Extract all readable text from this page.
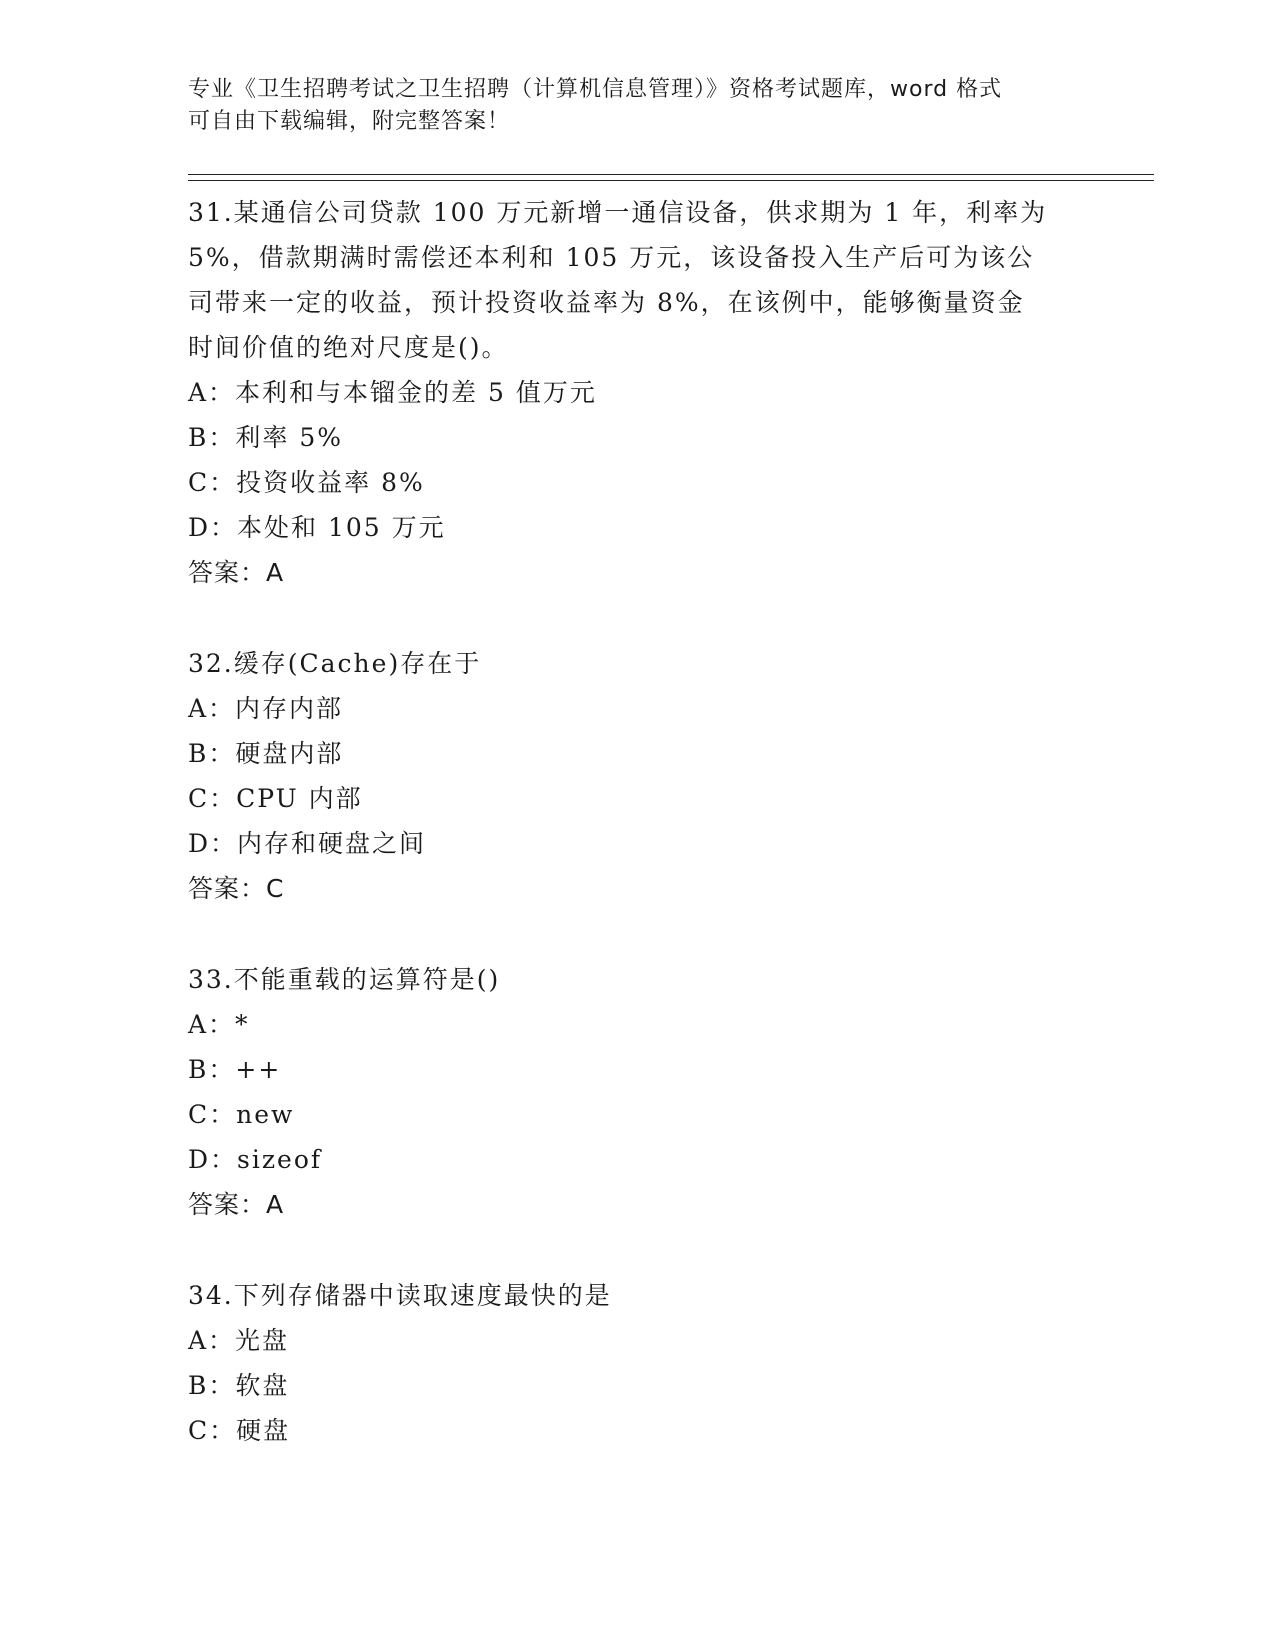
专业《卫生招聘考试之卫生招聘（计算机信息管理）》资格考试题库，word 格式
可自由下载编辑，附完整答案！
31.某通信公司贷款 100 万元新增一通信设备，供求期为 1 年，利率为
5%，借款期满时需偿还本利和 105 万元，该设备投入生产后可为该公
司带来一定的收益，预计投资收益率为 8%，在该例中，能够衡量资金
时间价值的绝对尺度是()。
A：本利和与本镏金的差 5 值万元
B：利率 5%
C：投资收益率 8%
D：本处和 105 万元
答案：A
32.缓存(Cache)存在于
A：内存内部
B：硬盘内部
C：CPU 内部
D：内存和硬盘之间
答案：C
33.不能重载的运算符是()
A：*
B：++
C：new
D：sizeof
答案：A
34.下列存储器中读取速度最快的是
A：光盘
B：软盘
C：硬盘
